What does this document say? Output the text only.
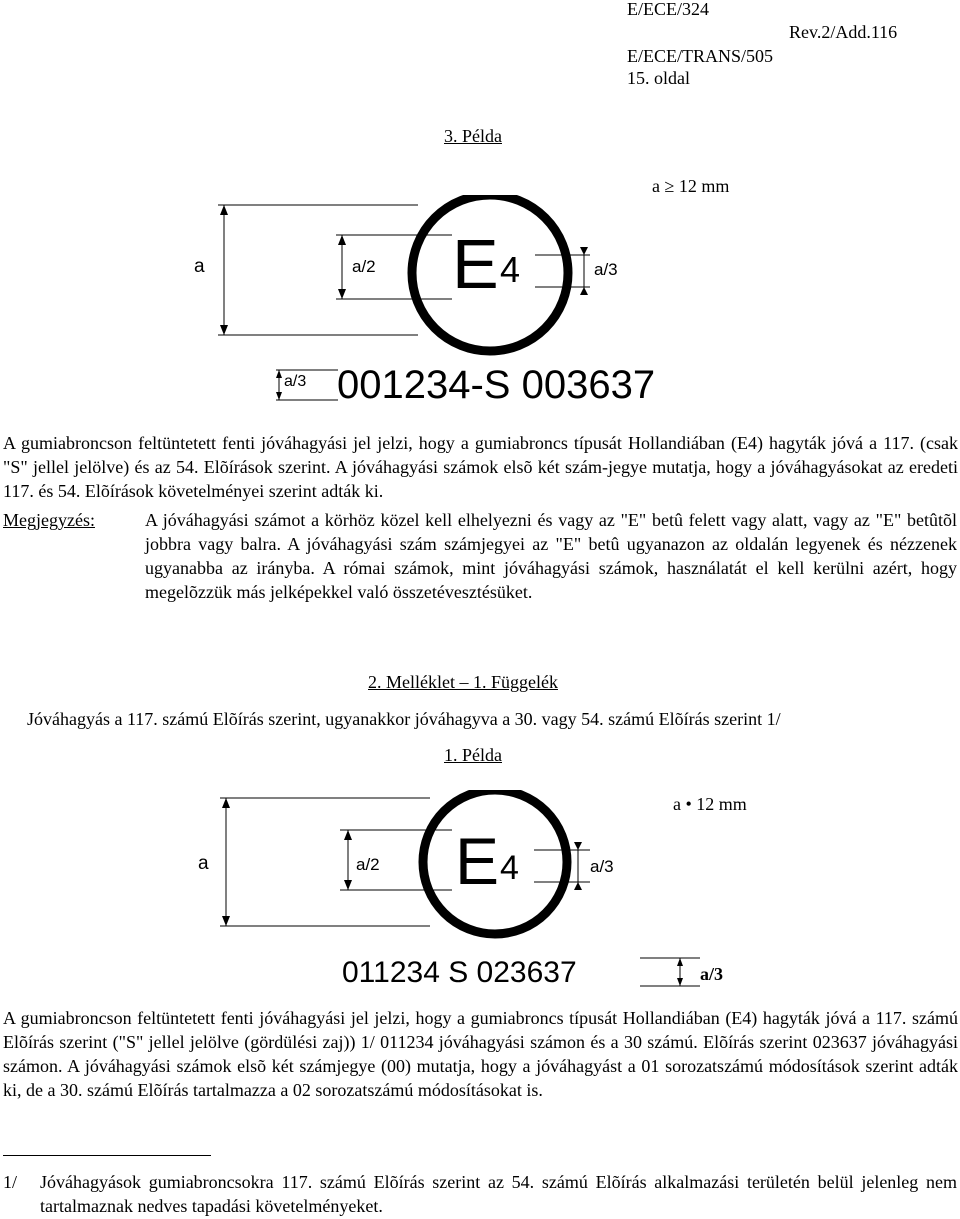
E/ECE/324
Rev.2/Add.116
E/ECE/TRANS/505
15. oldal
3. Példa
a ≥ 12 mm
a	a/2	a/3
E 4
a/3 001234-S 003637
A gumiabroncson feltüntetett fenti jóváhagyási jel jelzi, hogy a gumiabroncs típusát Hollandiában (E4) hagyták jóvá a 117. (csak "S" jellel jelölve) és az 54. Elõírások szerint. A jóváhagyási számok elsõ két szám-jegye mutatja, hogy a jóváhagyásokat az eredeti 117. és 54. Elõírások követelményei szerint adták ki.
Megjegyzés:	A jóváhagyási számot a körhöz közel kell elhelyezni és vagy az "E" betû felett vagy alatt, vagy az "E" betûtõl jobbra vagy balra. A jóváhagyási szám számjegyei az "E" betû ugyanazon az oldalán legyenek és nézzenek ugyanabba az irányba. A római számok, mint jóváhagyási számok, használatát el kell kerülni azért, hogy megelõzzük más jelképekkel való összetévesztésüket.
2. Melléklet – 1. Függelék
Jóváhagyás a 117. számú Elõírás szerint, ugyanakkor jóváhagyva a 30. vagy 54. számú Elõírás szerint 1/
1. Példa
a • 12 mm
a	a/2	a/3
E 4
011234 S 023637	a/3
A gumiabroncson feltüntetett fenti jóváhagyási jel jelzi, hogy a gumiabroncs típusát Hollandiában (E4) hagyták jóvá a 117. számú Elõírás szerint ("S" jellel jelölve (gördülési zaj)) 1/ 011234 jóváhagyási számon és a 30 számú. Elõírás szerint 023637 jóváhagyási számon. A jóváhagyási számok elsõ két számjegye (00) mutatja, hogy a jóváhagyást a 01 sorozatszámú módosítások szerint adták ki, de a 30. számú Elõírás tartalmazza a 02 sorozatszámú módosításokat is.
1/ Jóváhagyások gumiabroncsokra 117. számú Elõírás szerint az 54. számú Elõírás alkalmazási területén belül jelenleg nem tartalmaznak nedves tapadási követelményeket.
